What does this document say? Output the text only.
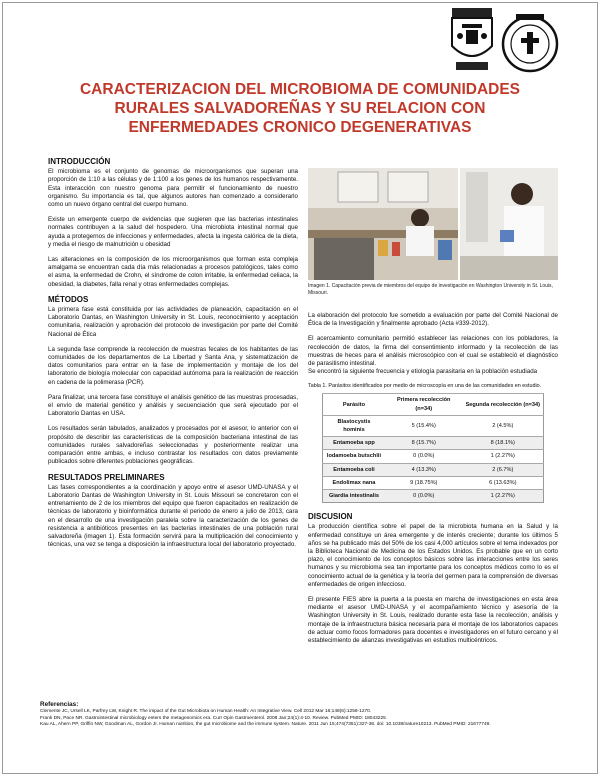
CARACTERIZACION DEL MICROBIOMA DE COMUNIDADES RURALES SALVADOREÑAS Y SU RELACION CON ENFERMEDADES CRONICO DEGENERATIVAS
INTRODUCCIÓN

El microbioma es el conjunto de genomas de microorganismos que superan una proporción de 1:10 a las células y de 1:100 a los genes de los humanos respectivamente. Esta interacción con nuestro genoma para permitir el funcionamiento de nuestro organismo. Su importancia es tal, que algunos autores han comenzado a considerarlo como un nuevo órgano central del cuerpo humano.

Existe un emergente cuerpo de evidencias que sugieren que las bacterias intestinales normales contribuyen a la salud del hospedero. Una microbiota intestinal normal que ayuda a protegernos de infecciones y enfermedades, afecta la ingesta calórica de la dieta, y media el riesgo de malnutrición u obesidad

Las alteraciones en la composición de los microorganismos que forman esta compleja amalgama se encuentran cada día más relacionadas a procesos patológicos, tales como el asma, la enfermedad de Crohn, el síndrome de colon irritable, la enfermedad celiaca, la obesidad, la diabetes, falla renal y otras enfermedades complejas.

MÉTODOS

La primera fase está constituida por las actividades de planeación, capacitación en el Laboratorio Dantas, en Washington University in St. Louis, reconocimiento y aceptación comunitaria, realización y aprobación del protocolo de investigación por parte del Comité Nacional de Ética

La segunda fase comprende la recolección de muestras fecales de los habitantes de las comunidades de los departamentos de La Libertad y Santa Ana, y sistematización de datos comunitarios para entrar en la fase de implementación y montaje de los del laboratorio de biología molecular con capacidad autónoma para la realización de reacción en cadena de la polimerasa (PCR).

Para finalizar, una tercera fase constituye el análisis genético de las muestras procesadas, el envío de material genético y análisis y secuenciación que será ejecutado por el Laboratorio Dantas en USA.

Los resultados serán tabulados, analizados y procesados por el asesor, lo anterior con el propósito de describir las características de la composición bacteriana intestinal de las comunidades rurales salvadoreñas seleccionadas y posteriormente realizar una comparación entre ambas, e incluso contrastar los resultados con datos previamente publicados sobre diferentes poblaciones geográficas.

RESULTADOS PRELIMINARES

Las fases correspondientes a la coordinación y apoyo entre el asesor UMD-UNASA y el Laboratorio Dantas de Washington University in St. Louis Missouri se concretaron con el entrenamiento de 2 de los miembros del equipo que fueron capacitados en realización de técnicas de laboratorio y bioinformática durante el periodo de enero a julio de 2013, cara en el desarrollo de una investigación paralela sobre la caracterización de los genes de resistencia a antibióticos presentes en las bacterias intestinales de una población rural salvadoreña (imagen 1). Esta formación servirá para la multiplicación del conocimiento y técnicas, una vez se tenga a disposición la infraestructura local del laboratorio proyectado.

Imagen 1. Capacitación previa de miembros del equipo de investigación en Washington University in St. Louis, Missouri.

La elaboración del protocolo fue sometido a evaluación por parte del Comité Nacional de Ética de la Investigación y finalmente aprobado (Acta #339-2012).

El acercamiento comunitario permitió establecer las relaciones con los pobladores, la recolección de datos, la firma del consentimiento informado y la recolección de las muestras de heces para el análisis microscópico con el cual se estableció el diagnóstico de parasitismo intestinal.

Se encontró la siguiente frecuencia y etiología parasitaria en la población estudiada

Tabla 1. Parásitos identificados por medio de microscopía en una de las comunidades en estudio.
Parásito	Primera recolección (n=34)	Segunda recolección (n=34)
Blastocystis hominis	5 (15.4%)	2 (4.5%)
Entamoeba spp	8 (15.7%)	8 (18.1%)
Iodamoeba butschlii	0 (0.0%)	1 (2.27%)
Entamoeba coli	4 (13.3%)	2 (6.7%)
Endolimax nana	9 (18.75%)	6 (13.63%)
Giardia intestinalis	0 (0.0%)	1 (2.27%)
DISCUSION

La producción científica sobre el papel de la microbiota humana en la Salud y la enfermedad constituye un área emergente y de interés creciente; durante los últimos 5 años se ha publicado más del 50% de los casi 4,000 artículos sobre el tema indexados por la Biblioteca Nacional de Medicina de los Estados Unidos. Es probable que en un corto plazo, el conocimiento de los conceptos básicos sobre las interacciones entre los seres humanos y su microbioma sea tan importante para los conceptos médicos como lo es el conocimiento actual de la genética y la teoría del germen para la comprensión de diversas enfermedades de origen infeccioso.

El presente FIES abre la puerta a la puesta en marcha de investigaciones en esta área mediante el asesor UMD-UNASA y el acompañamiento técnico y asesoría de la Washington University in St. Louis, realizado durante esta fase la recolección, análisis y montaje de la infraestructura básica necesaria para el montaje de los laboratorios capaces de actuar como focos formadores para docentes e investigadores en el futuro cercano y el establecimiento de alianzas investigativas en estudios multicéntricos.

Referencias:
Clemente JC, Ursell LK, Parfrey LW, Knight R. The impact of the Gut Microbiota on Human Health: An Integrative View. Cell 2012 Mar 16;148(6):1258-1270.
Frank DN, Pace NR. Gastrointestinal microbiology enters the metagenomics era. Curr Opin Gastroenterol. 2008 Jan;24(1):4-10. Review. PubMed PMID: 18043225
Kau AL, Ahern PP, Griffin NW, Goodman AL, Gordon JI. Human nutrition, the gut microbiome and the immune system. Nature. 2011 Jun 15;474(7351):327-36. doi: 10.1038/nature10213. PubMed PMID: 21677749.
